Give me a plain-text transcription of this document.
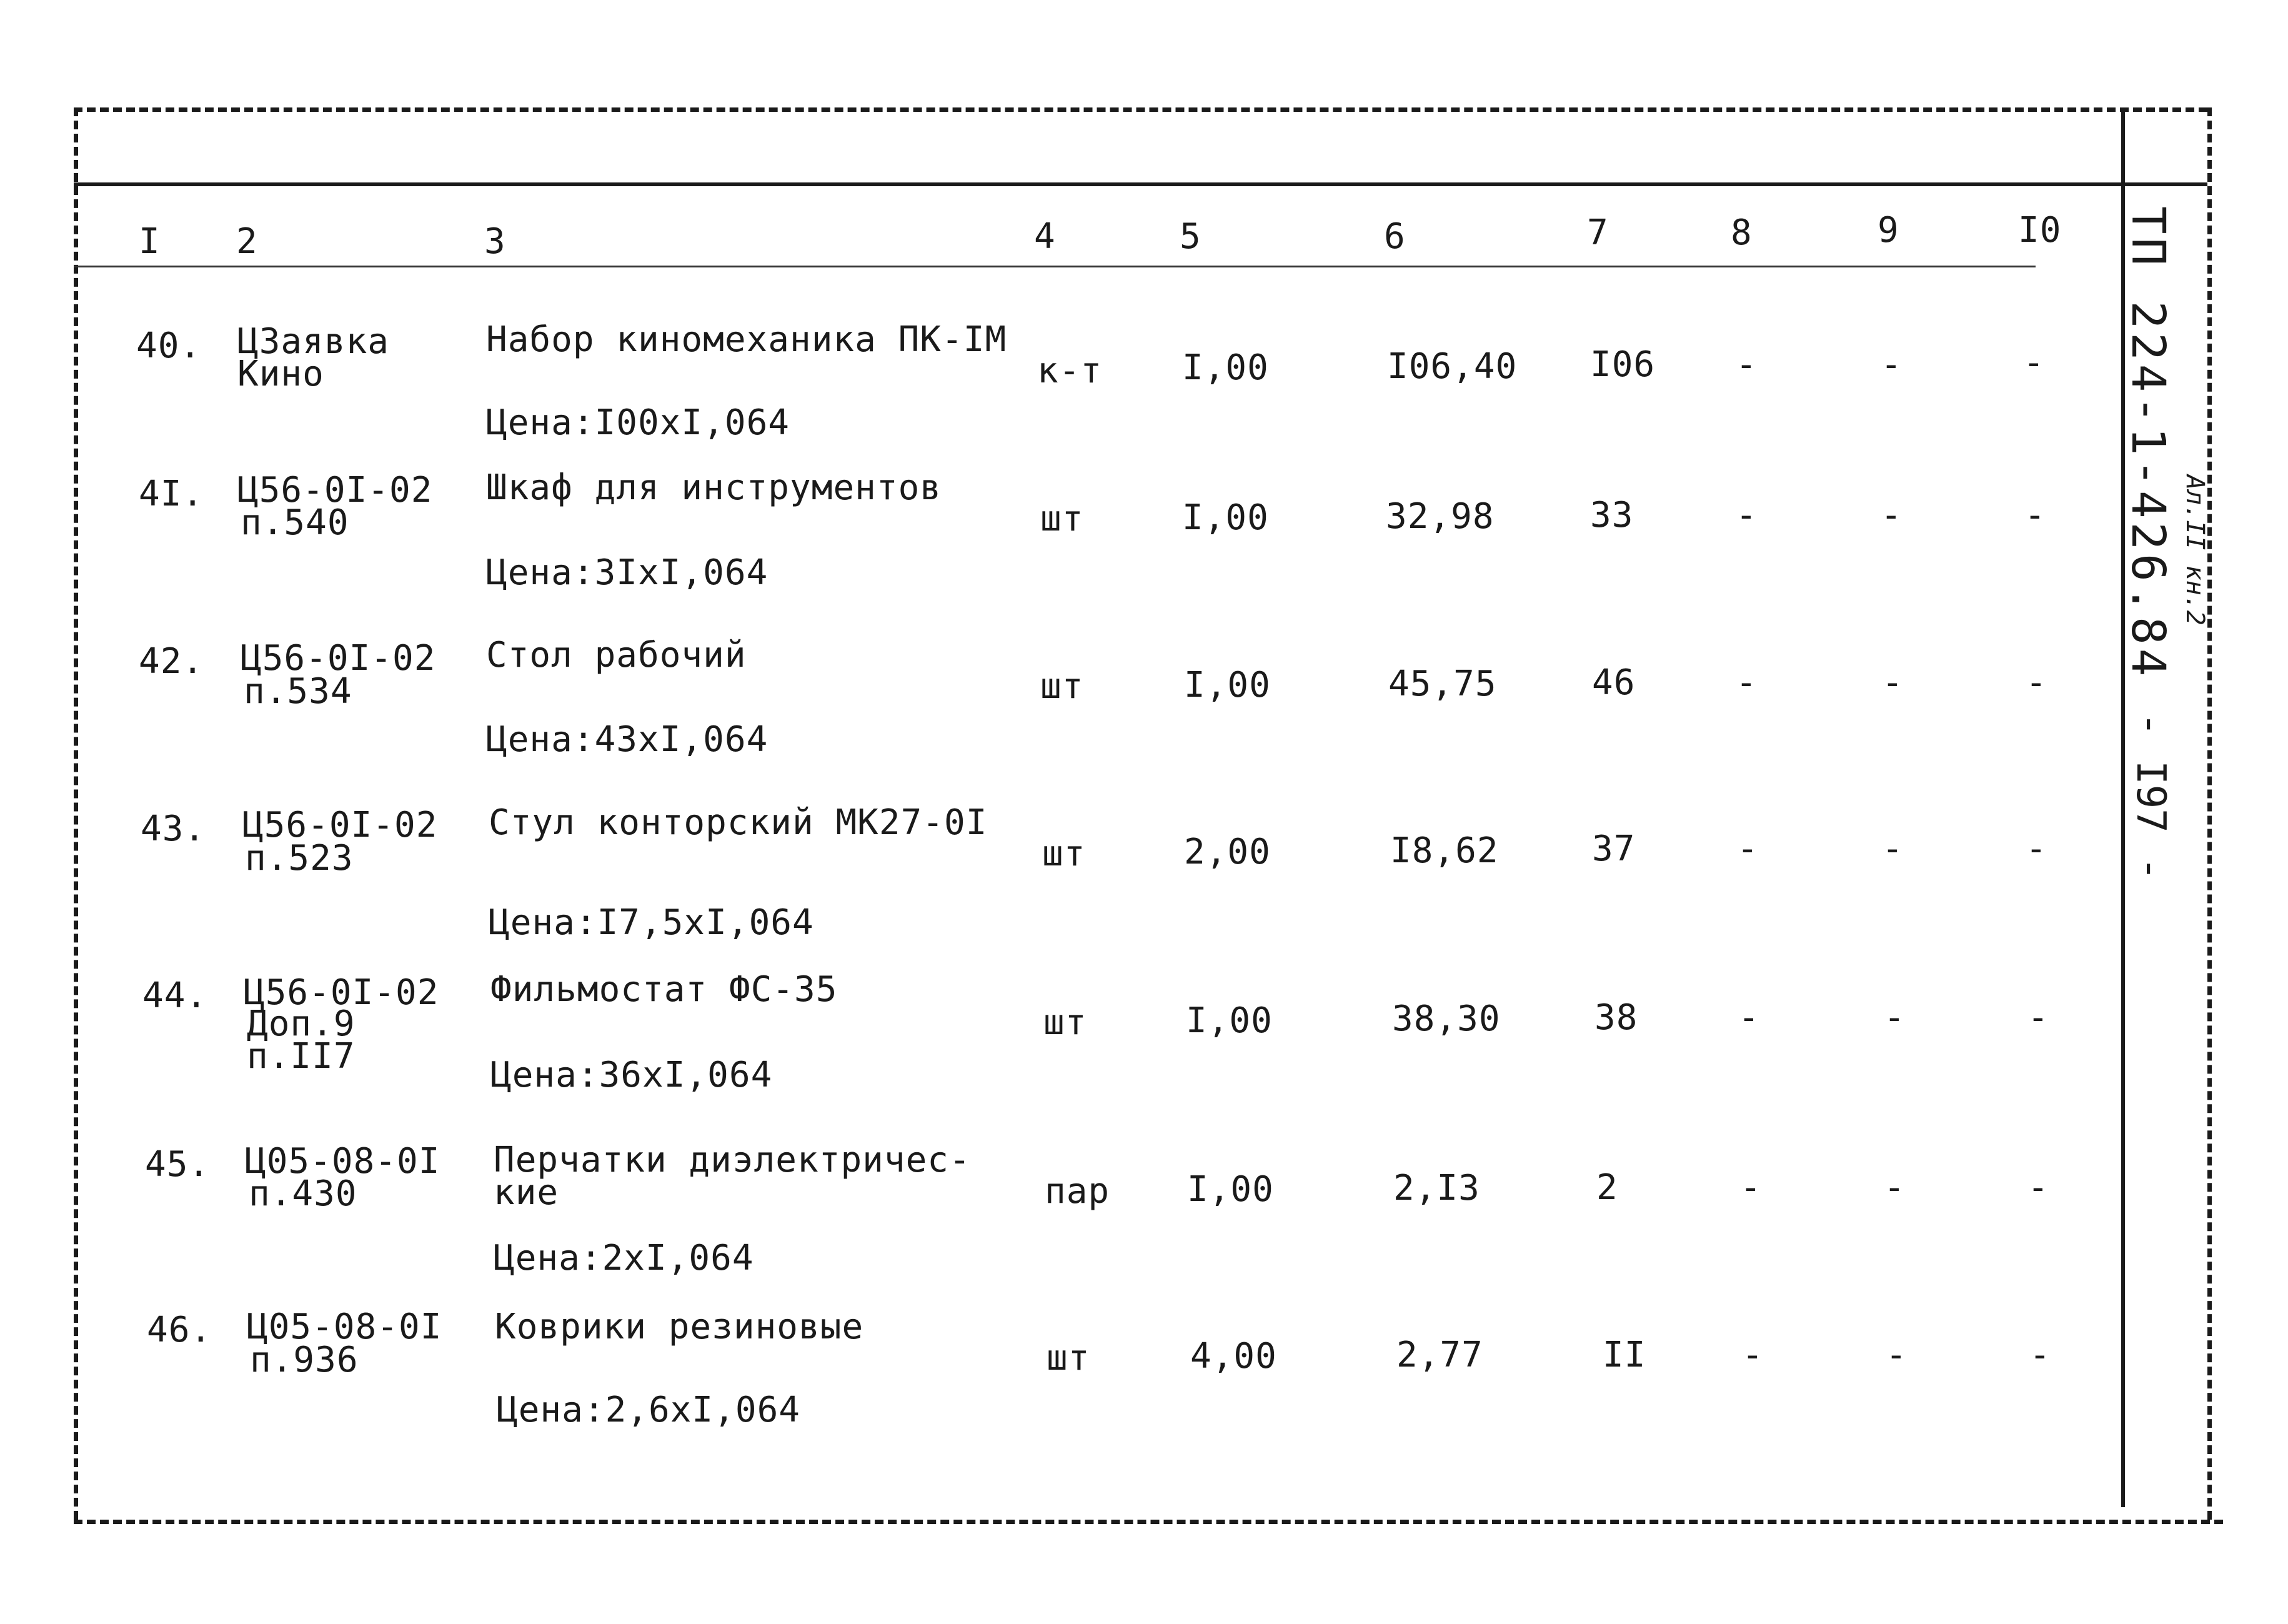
ТП 224-1-426.84 Ал.II кн.2
- I97 -
I 2	3	4	5	6	7	8	9	I0
40. ЦЗаявка
Кино
Набор киномеханика ПК-IМ
Цена:I00хI,064
к-т I,00	I06,40 I06 -	-	-
4I. Ц56-0I-02
п.540
Шкаф для инструментов
Цена:3IхI,064
шт	I,00	32,98	33	-	-	-
42. Ц56-0I-02
п.534
Стол рабочий
Цена:43хI,064
шт	I,00	45,75	46	-	-	-
43. Ц56-0I-02
п.523
Стул конторский МК27-0I
Цена:I7,5хI,064
шт	2,00	I8,62	37	-	-	-
44. Ц56-0I-02
Доп.9
п.II7
Фильмостат ФС-35
Цена:36хI,064
шт	I,00	38,30	38	-	-	-
45. Ц05-08-0I
п.430
Перчатки диэлектричес-
кие
Цена:2хI,064
пар I,00	2,I3	2	-	-	-
46. Ц05-08-0I
п.936
Коврики резиновые
Цена:2,6хI,064
шт	4,00	2,77	II	-	-	-
